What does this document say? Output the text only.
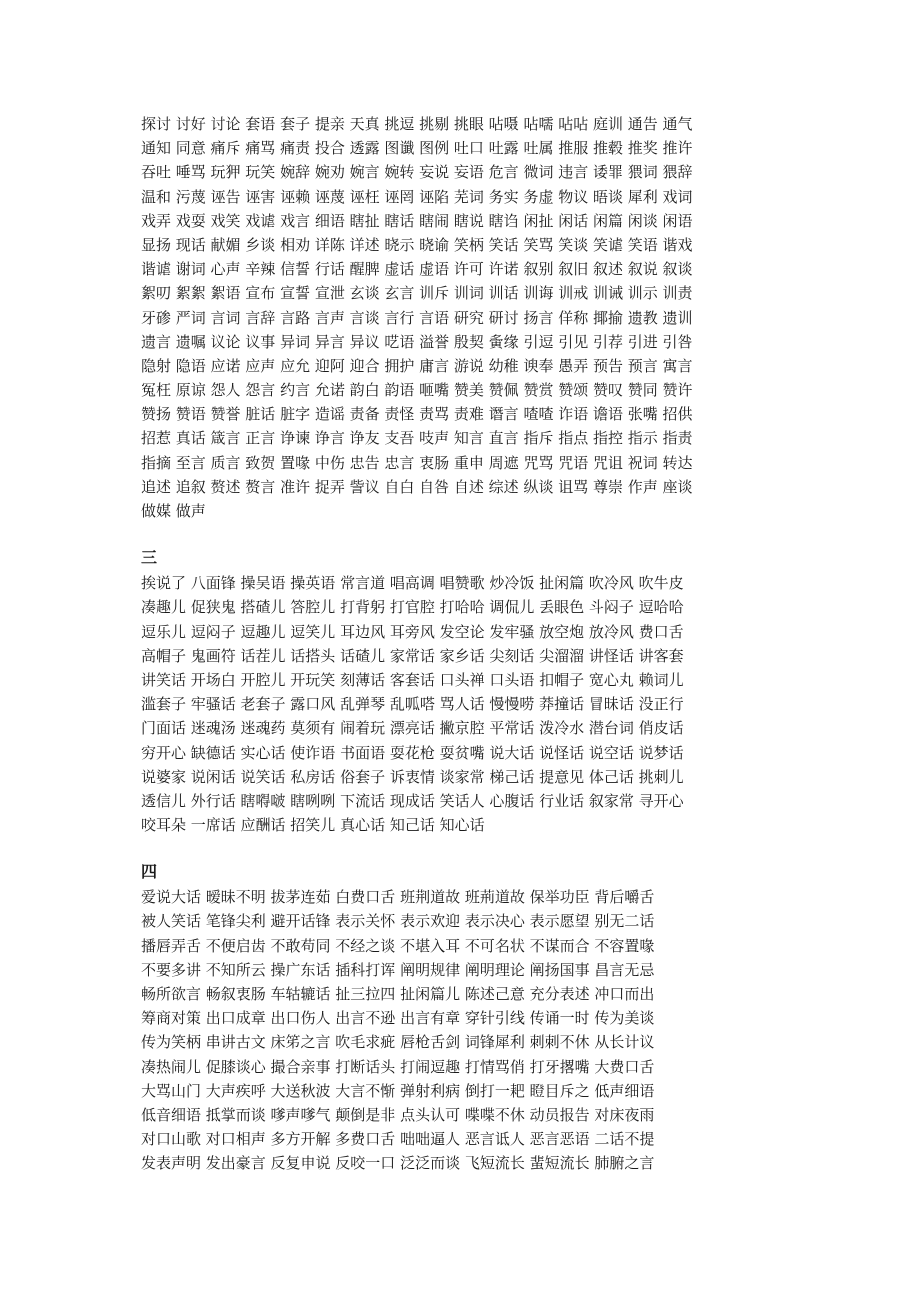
探讨 讨好 讨论 套语 套子 提亲 天真 挑逗 挑剔 挑眼 呫嗫 呫嚅 呫呫 庭训 通告 通气
通知 同意 痛斥 痛骂 痛责 投合 透露 图谶 图例 吐口 吐露 吐属 推服 推毂 推奖 推许
吞吐 唾骂 玩狎 玩笑 婉辞 婉劝 婉言 婉转 妄说 妄语 危言 微词 违言 诿罪 猥词 猥辞
温和 污蔑 诬告 诬害 诬赖 诬蔑 诬枉 诬罔 诬陷 芜词 务实 务虚 物议 晤谈 犀利 戏词
戏弄 戏耍 戏笑 戏谑 戏言 细语 瞎扯 瞎话 瞎闹 瞎说 瞎诌 闲扯 闲话 闲篇 闲谈 闲语
显扬 现话 献媚 乡谈 相劝 详陈 详述 晓示 晓谕 笑柄 笑话 笑骂 笑谈 笑谑 笑语 谐戏
谐谑 谢词 心声 辛辣 信誓 行话 醒脾 虚话 虚语 许可 许诺 叙别 叙旧 叙述 叙说 叙谈
絮叨 絮絮 絮语 宣布 宣誓 宣泄 玄谈 玄言 训斥 训词 训话 训诲 训戒 训诫 训示 训责
牙碜 严词 言词 言辞 言路 言声 言谈 言行 言语 研究 研讨 扬言 佯称 揶揄 遗教 遗训
遗言 遗嘱 议论 议事 异词 异言 异议 呓语 溢誉 殷契 夤缘 引逗 引见 引荐 引进 引咎
隐射 隐语 应诺 应声 应允 迎阿 迎合 拥护 庸言 游说 幼稚 谀奉 愚弄 预告 预言 寓言
冤枉 原谅 怨人 怨言 约言 允诺 韵白 韵语 咂嘴 赞美 赞佩 赞赏 赞颂 赞叹 赞同 赞许
赞扬 赞语 赞誉 脏话 脏字 造谣 责备 责怪 责骂 责难 谮言 喳喳 诈语 谵语 张嘴 招供
招惹 真话 箴言 正言 诤谏 诤言 诤友 支吾 吱声 知言 直言 指斥 指点 指控 指示 指责
指摘 至言 质言 致贺 置喙 中伤 忠告 忠言 衷肠 重申 周遮 咒骂 咒语 咒诅 祝词 转达
追述 追叙 赘述 赘言 准许 捉弄 訾议 自白 自咎 自述 综述 纵谈 诅骂 尊崇 作声 座谈
做媒 做声
三
挨说了 八面锋 操吴语 操英语 常言道 唱高调 唱赞歌 炒冷饭 扯闲篇 吹冷风 吹牛皮
凑趣儿 促狭鬼 搭碴儿 答腔儿 打背躬 打官腔 打哈哈 调侃儿 丢眼色 斗闷子 逗哈哈
逗乐儿 逗闷子 逗趣儿 逗笑儿 耳边风 耳旁风 发空论 发牢骚 放空炮 放冷风 费口舌
高帽子 鬼画符 话茬儿 话搭头 话碴儿 家常话 家乡话 尖刻话 尖溜溜 讲怪话 讲客套
讲笑话 开场白 开腔儿 开玩笑 刻薄话 客套话 口头禅 口头语 扣帽子 宽心丸 赖词儿
滥套子 牢骚话 老套子 露口风 乱弹琴 乱呱嗒 骂人话 慢慢唠 莽撞话 冒昧话 没正行
门面话 迷魂汤 迷魂药 莫须有 闹着玩 漂亮话 撇京腔 平常话 泼冷水 潜台词 俏皮话
穷开心 缺德话 实心话 使诈语 书面语 耍花枪 耍贫嘴 说大话 说怪话 说空话 说梦话
说婆家 说闲话 说笑话 私房话 俗套子 诉衷情 谈家常 梯己话 提意见 体己话 挑刺儿
透信儿 外行话 瞎嘚啵 瞎咧咧 下流话 现成话 笑话人 心腹话 行业话 叙家常 寻开心
咬耳朵 一席话 应酬话 招笑儿 真心话 知己话 知心话
四
爱说大话 暧昧不明 拔茅连茹 白费口舌 班荆道故 班荊道故 保举功臣 背后嚼舌
被人笑话 笔锋尖利 避开话锋 表示关怀 表示欢迎 表示决心 表示愿望 别无二话
播唇弄舌 不便启齿 不敢苟同 不经之谈 不堪入耳 不可名状 不谋而合 不容置喙
不要多讲 不知所云 操广东话 插科打诨 阐明规律 阐明理论 阐扬国事 昌言无忌
畅所欲言 畅叙衷肠 车轱辘话 扯三拉四 扯闲篇儿 陈述己意 充分表述 冲口而出
筹商对策 出口成章 出口伤人 出言不逊 出言有章 穿针引线 传诵一时 传为美谈
传为笑柄 串讲古文 床笫之言 吹毛求疵 唇枪舌剑 词锋犀利 刺刺不休 从长计议
凑热闹儿 促膝谈心 撮合亲事 打断话头 打闹逗趣 打情骂俏 打牙撂嘴 大费口舌
大骂山门 大声疾呼 大送秋波 大言不惭 弹射利病 倒打一耙 瞪目斥之 低声细语
低音细语 抵掌而谈 嗲声嗲气 颠倒是非 点头认可 喋喋不休 动员报告 对床夜雨
对口山歌 对口相声 多方开解 多费口舌 咄咄逼人 恶言诋人 恶言恶语 二话不提
发表声明 发出豪言 反复申说 反咬一口 泛泛而谈 飞短流长 蜚短流长 肺腑之言
